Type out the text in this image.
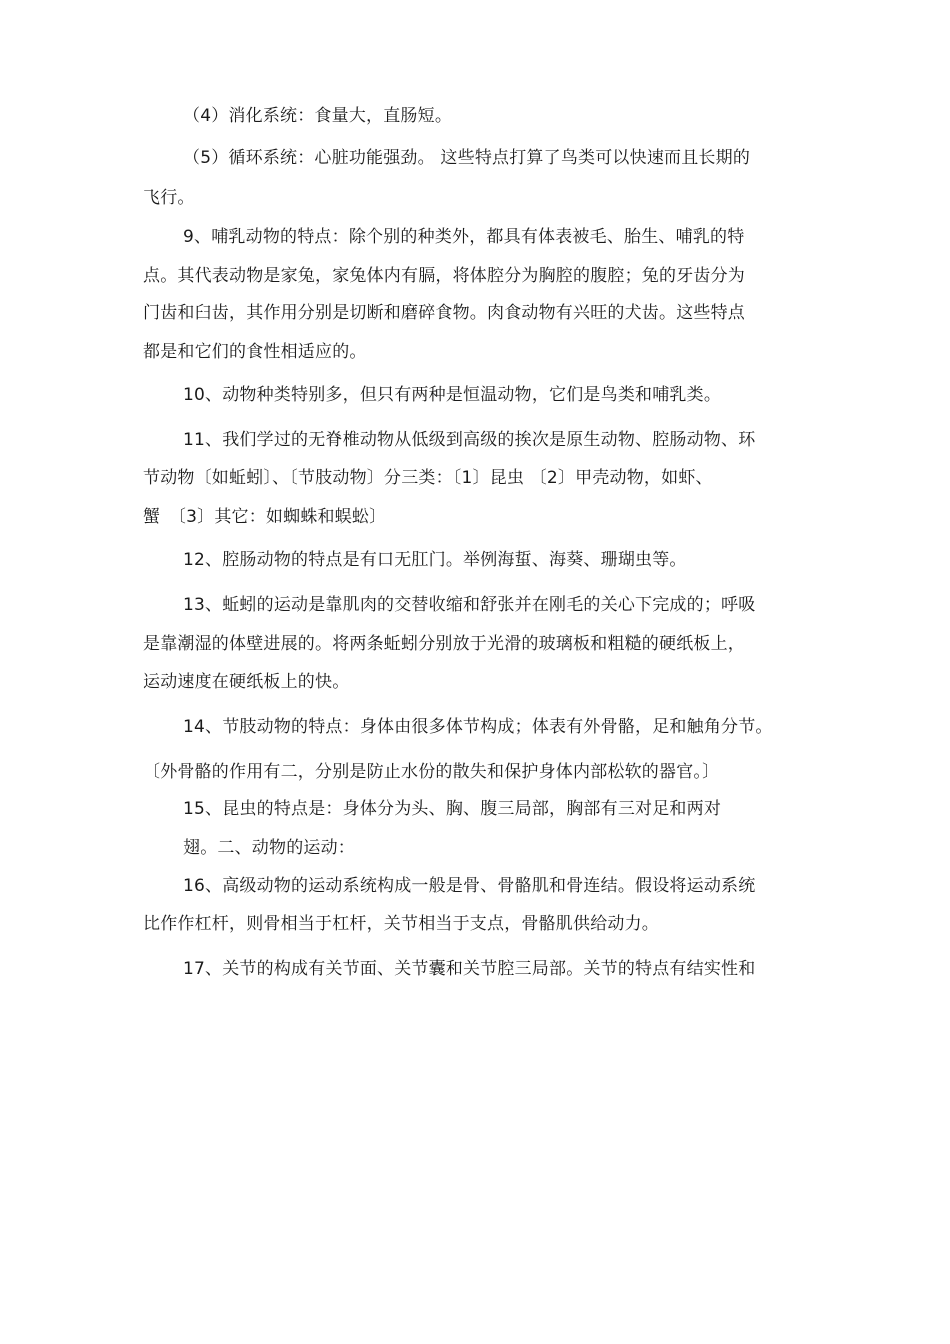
（4）消化系统：食量大，直肠短。
（5）循环系统：心脏功能强劲。 这些特点打算了鸟类可以快速而且长期的
飞行。
9、哺乳动物的特点：除个别的种类外，都具有体表被毛、胎生、哺乳的特
点。其代表动物是家兔，家兔体内有膈，将体腔分为胸腔的腹腔；兔的牙齿分为
门齿和臼齿，其作用分别是切断和磨碎食物。肉食动物有兴旺的犬齿。这些特点
都是和它们的食性相适应的。
10、动物种类特别多，但只有两种是恒温动物，它们是鸟类和哺乳类。
11、我们学过的无脊椎动物从低级到高级的挨次是原生动物、腔肠动物、环
节动物〔如蚯蚓〕、〔节肢动物〕分三类：〔1〕昆虫 〔2〕甲壳动物，如虾、
蟹　〔3〕其它：如蜘蛛和蜈蚣〕
12、腔肠动物的特点是有口无肛门。举例海蜇、海葵、珊瑚虫等。
13、蚯蚓的运动是靠肌肉的交替收缩和舒张并在刚毛的关心下完成的；呼吸
是靠潮湿的体壁进展的。将两条蚯蚓分别放于光滑的玻璃板和粗糙的硬纸板上，
运动速度在硬纸板上的快。
14、节肢动物的特点：身体由很多体节构成；体表有外骨骼，足和触角分节。
〔外骨骼的作用有二，分别是防止水份的散失和保护身体内部松软的器官。〕
15、昆虫的特点是：身体分为头、胸、腹三局部，胸部有三对足和两对
翅。二、动物的运动：
16、高级动物的运动系统构成一般是骨、骨骼肌和骨连结。假设将运动系统
比作作杠杆，则骨相当于杠杆，关节相当于支点，骨骼肌供给动力。
17、关节的构成有关节面、关节囊和关节腔三局部。关节的特点有结实性和
